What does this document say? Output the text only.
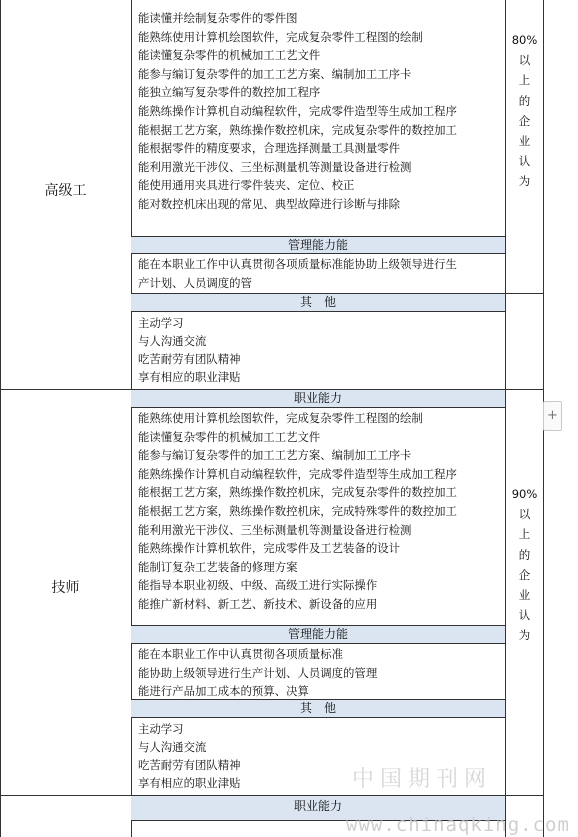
高级工
能读懂并绘制复杂零件的零件图
能熟练使用计算机绘图软件，完成复杂零件工程图的绘制
能读懂复杂零件的机械加工工艺文件
能参与编订复杂零件的加工工艺方案、编制加工工序卡
能独立编写复杂零件的数控加工程序
能熟练操作计算机自动编程软件，完成零件造型等生成加工程序
能根据工艺方案，熟练操作数控机床，完成复杂零件的数控加工
能根据零件的精度要求，合理选择测量工具测量零件
能利用激光干涉仪、三坐标测量机等测量设备进行检测
能使用通用夹具进行零件装夹、定位、校正
能对数控机床出现的常见、典型故障进行诊断与排除
管理能力能
能在本职业工作中认真贯彻各项质量标准能协助上级领导进行生
产计划、人员调度的管
其　他
主动学习
与人沟通交流
吃苦耐劳有团队精神
享有相应的职业津贴
80%
以
上
的
企
业
认
为
技师
职业能力
能熟练使用计算机绘图软件，完成复杂零件工程图的绘制
能读懂复杂零件的机械加工工艺文件
能参与编订复杂零件的加工工艺方案、编制加工工序卡
能熟练操作计算机自动编程软件，完成零件造型等生成加工程序
能根据工艺方案，熟练操作数控机床，完成复杂零件的数控加工
能根据工艺方案，熟练操作数控机床，完成特殊零件的数控加工
能利用激光干涉仪、三坐标测量机等测量设备进行检测
能熟练操作计算机软件，完成零件及工艺装备的设计
能制订复杂工艺装备的修理方案
能指导本职业初级、中级、高级工进行实际操作
能推广新材料、新工艺、新技术、新设备的应用
管理能力能
能在本职业工作中认真贯彻各项质量标准
能协助上级领导进行生产计划、人员调度的管理
能进行产品加工成本的预算、决算
其　他
主动学习
与人沟通交流
吃苦耐劳有团队精神
享有相应的职业津贴
90%
以
上
的
企
业
认
为
职业能力
+
中国期刊网
www.chinaqking.com
